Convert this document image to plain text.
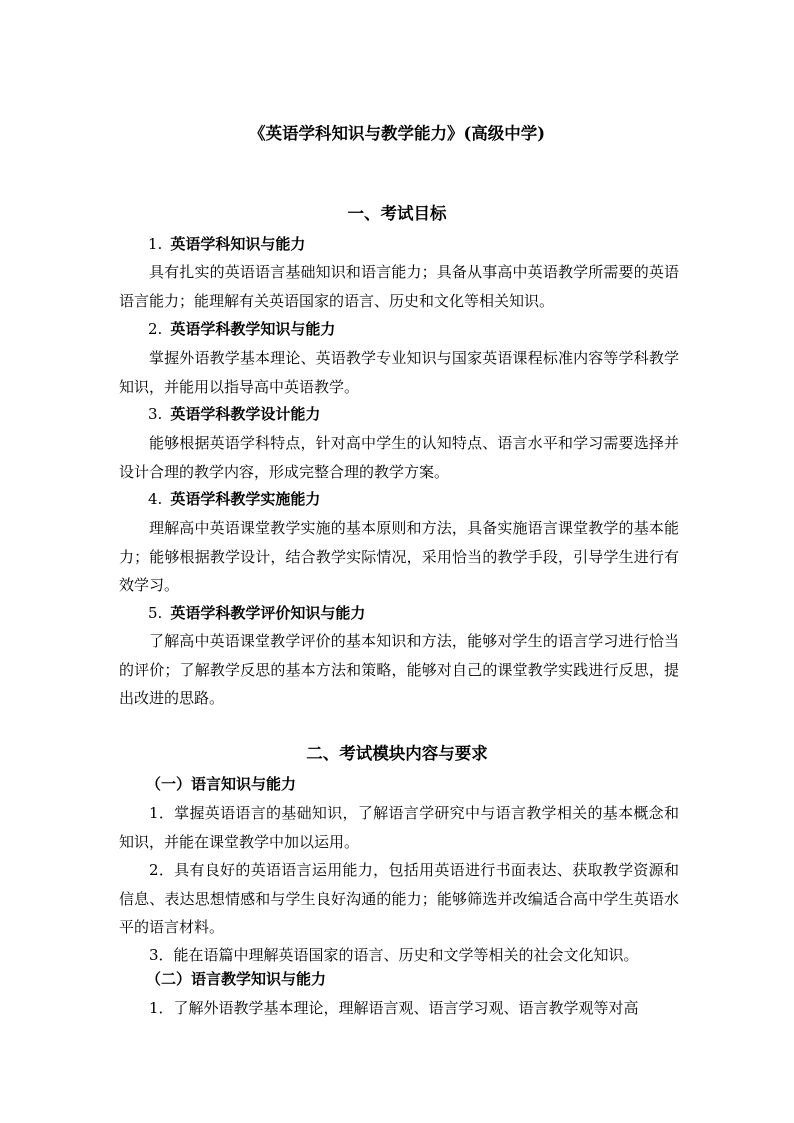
《英语学科知识与教学能力》(高级中学)
一、考试目标
1. 英语学科知识与能力

具有扎实的英语语言基础知识和语言能力；具备从事高中英语教学所需要的英语语言能力；能理解有关英语国家的语言、历史和文化等相关知识。

2. 英语学科教学知识与能力

掌握外语教学基本理论、英语教学专业知识与国家英语课程标准内容等学科教学知识，并能用以指导高中英语教学。

3. 英语学科教学设计能力

能够根据英语学科特点，针对高中学生的认知特点、语言水平和学习需要选择并设计合理的教学内容，形成完整合理的教学方案。

4. 英语学科教学实施能力

理解高中英语课堂教学实施的基本原则和方法，具备实施语言课堂教学的基本能力；能够根据教学设计，结合教学实际情况，采用恰当的教学手段，引导学生进行有效学习。

5. 英语学科教学评价知识与能力

了解高中英语课堂教学评价的基本知识和方法，能够对学生的语言学习进行恰当的评价；了解教学反思的基本方法和策略，能够对自己的课堂教学实践进行反思，提出改进的思路。

二、考试模块内容与要求
（一）语言知识与能力

1．掌握英语语言的基础知识，了解语言学研究中与语言教学相关的基本概念和知识，并能在课堂教学中加以运用。

2．具有良好的英语语言运用能力，包括用英语进行书面表达、获取教学资源和信息、表达思想情感和与学生良好沟通的能力；能够筛选并改编适合高中学生英语水平的语言材料。

3．能在语篇中理解英语国家的语言、历史和文学等相关的社会文化知识。

（二）语言教学知识与能力

1．了解外语教学基本理论，理解语言观、语言学习观、语言教学观等对高
